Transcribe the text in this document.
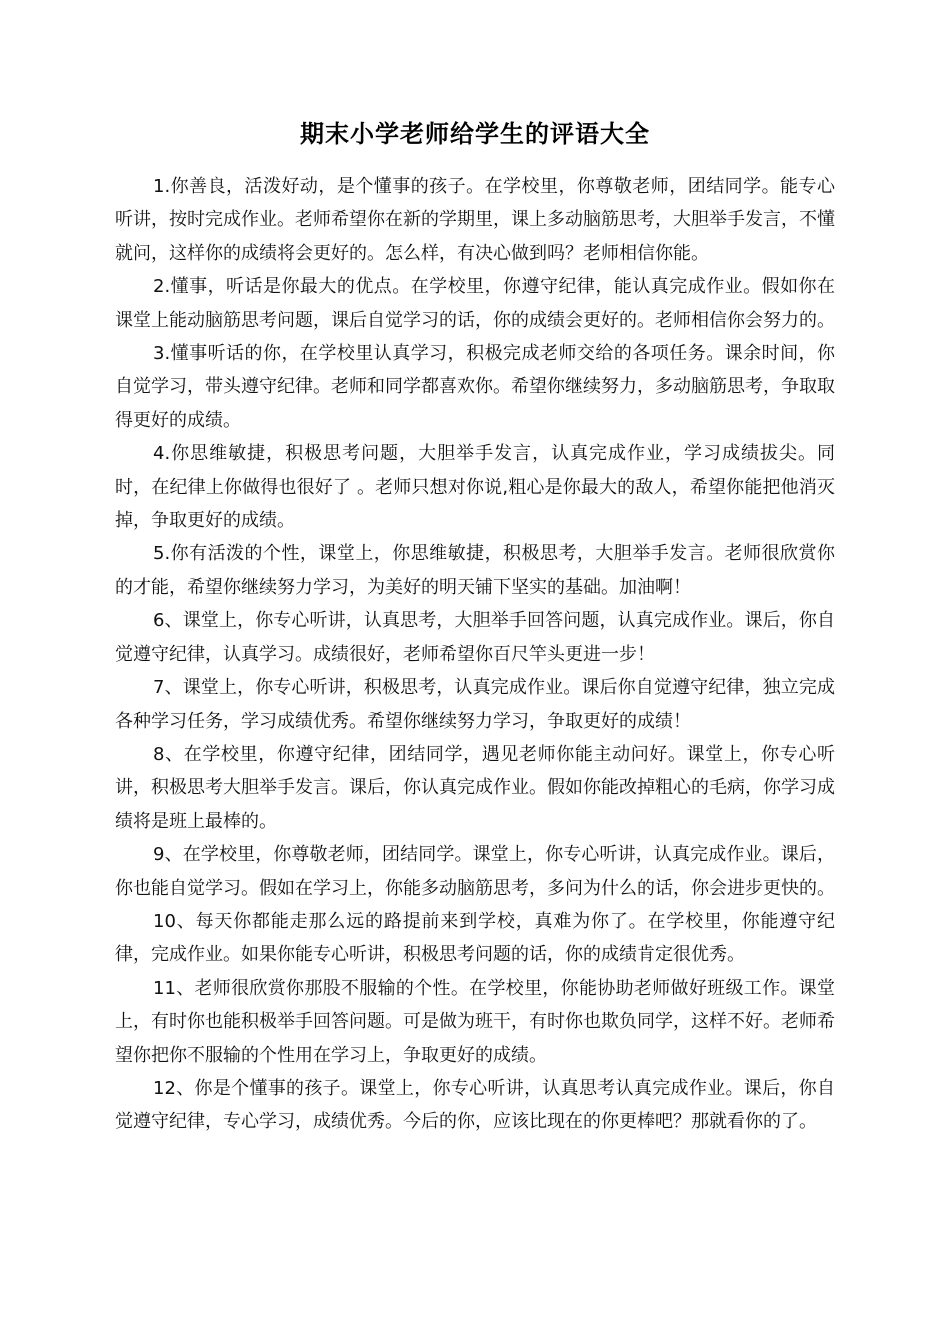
期末小学老师给学生的评语大全

1.你善良，活泼好动，是个懂事的孩子。在学校里，你尊敬老师，团结同学。能专心听讲，按时完成作业。老师希望你在新的学期里，课上多动脑筋思考，大胆举手发言，不懂就问，这样你的成绩将会更好的。怎么样，有决心做到吗？老师相信你能。

2.懂事，听话是你最大的优点。在学校里，你遵守纪律，能认真完成作业。假如你在课堂上能动脑筋思考问题，课后自觉学习的话，你的成绩会更好的。老师相信你会努力的。

3.懂事听话的你，在学校里认真学习，积极完成老师交给的各项任务。课余时间，你自觉学习，带头遵守纪律。老师和同学都喜欢你。希望你继续努力，多动脑筋思考，争取取得更好的成绩。

4.你思维敏捷，积极思考问题，大胆举手发言，认真完成作业，学习成绩拔尖。同时，在纪律上你做得也很好了 。老师只想对你说,粗心是你最大的敌人，希望你能把他消灭掉，争取更好的成绩。

5.你有活泼的个性，课堂上，你思维敏捷，积极思考，大胆举手发言。老师很欣赏你的才能，希望你继续努力学习，为美好的明天铺下坚实的基础。加油啊！

6、课堂上，你专心听讲，认真思考，大胆举手回答问题，认真完成作业。课后，你自觉遵守纪律，认真学习。成绩很好，老师希望你百尺竿头更进一步！

7、课堂上，你专心听讲，积极思考，认真完成作业。课后你自觉遵守纪律，独立完成各种学习任务，学习成绩优秀。希望你继续努力学习，争取更好的成绩！

8、在学校里，你遵守纪律，团结同学，遇见老师你能主动问好。课堂上，你专心听讲，积极思考大胆举手发言。课后，你认真完成作业。假如你能改掉粗心的毛病，你学习成绩将是班上最棒的。

9、在学校里，你尊敬老师，团结同学。课堂上，你专心听讲，认真完成作业。课后，你也能自觉学习。假如在学习上，你能多动脑筋思考，多问为什么的话，你会进步更快的。

10、每天你都能走那么远的路提前来到学校，真难为你了。在学校里，你能遵守纪律，完成作业。如果你能专心听讲，积极思考问题的话，你的成绩肯定很优秀。

11、老师很欣赏你那股不服输的个性。在学校里，你能协助老师做好班级工作。课堂上，有时你也能积极举手回答问题。可是做为班干，有时你也欺负同学，这样不好。老师希望你把你不服输的个性用在学习上，争取更好的成绩。

12、你是个懂事的孩子。课堂上，你专心听讲，认真思考认真完成作业。课后，你自觉遵守纪律，专心学习，成绩优秀。今后的你，应该比现在的你更棒吧？那就看你的了。
